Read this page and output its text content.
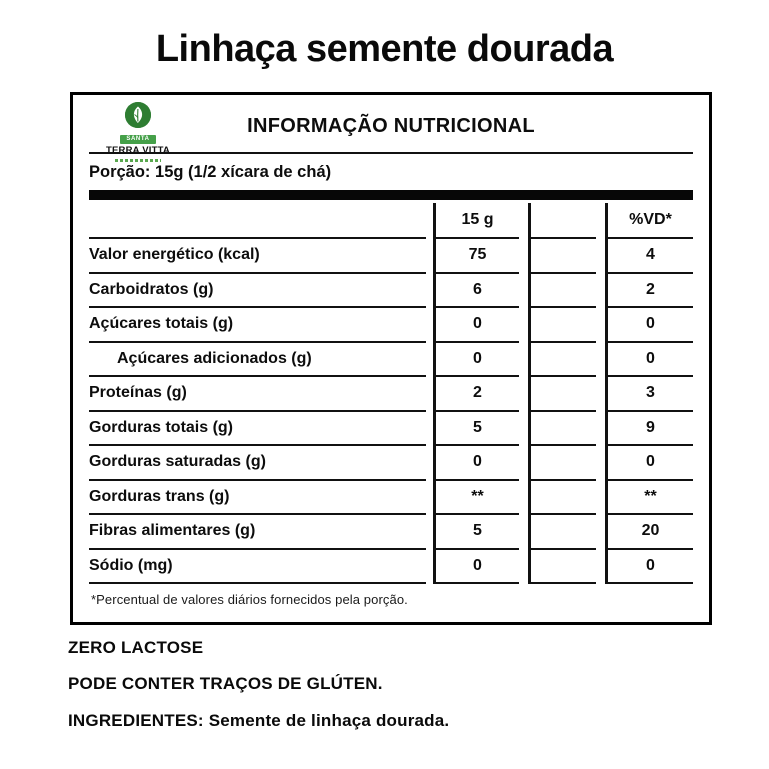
Linhaça semente dourada
SANTA
TERRA VITTA
INFORMAÇÃO NUTRICIONAL
Porção: 15g (1/2 xícara de chá)
15 g	%VD*
Valor energético (kcal)	75	4
Carboidratos (g)	6	2
Açúcares totais (g)	0	0
Açúcares adicionados (g)	0	0
Proteínas (g)	2	3
Gorduras totais (g)	5	9
Gorduras saturadas (g)	0	0
Gorduras trans (g)	**	**
Fibras alimentares (g)	5	20
Sódio (mg)	0	0
*Percentual de valores diários fornecidos pela porção.

ZERO LACTOSE

PODE CONTER TRAÇOS DE GLÚTEN.

INGREDIENTES: Semente de linhaça dourada.
